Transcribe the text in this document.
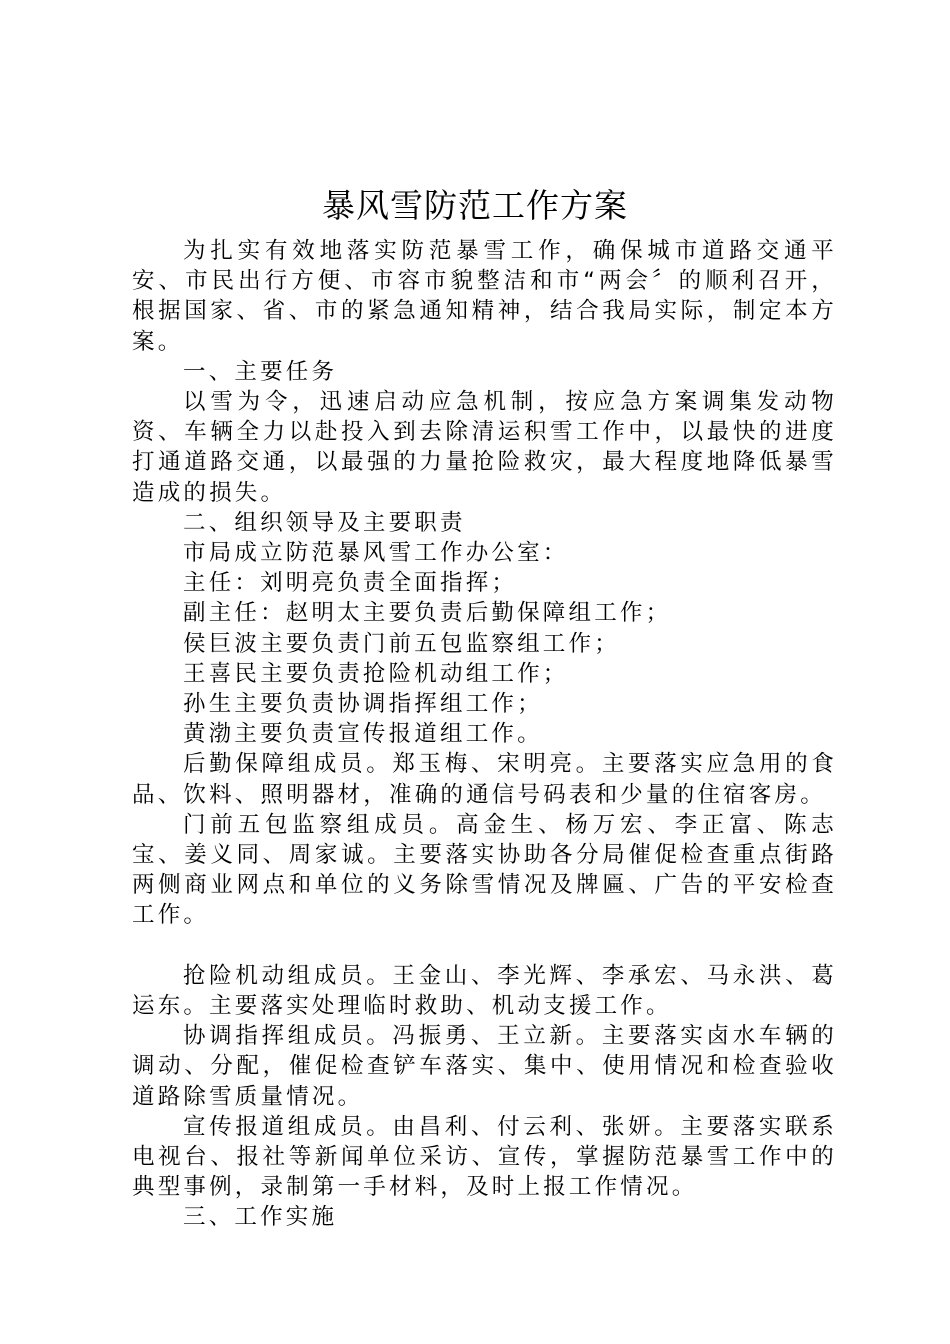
暴风雪防范工作方案

为扎实有效地落实防范暴雪工作，确保城市道路交通平安、市民出行方便、市容市貌整洁和市“两会〞的顺利召开，根据国家、省、市的紧急通知精神，结合我局实际，制定本方案。

一、主要任务

以雪为令，迅速启动应急机制，按应急方案调集发动物资、车辆全力以赴投入到去除清运积雪工作中，以最快的进度打通道路交通，以最强的力量抢险救灾，最大程度地降低暴雪造成的损失。

二、组织领导及主要职责

市局成立防范暴风雪工作办公室：

主任：刘明亮负责全面指挥；

副主任：赵明太主要负责后勤保障组工作；

侯巨波主要负责门前五包监察组工作；

王喜民主要负责抢险机动组工作；

孙生主要负责协调指挥组工作；

黄渤主要负责宣传报道组工作。

后勤保障组成员。郑玉梅、宋明亮。主要落实应急用的食品、饮料、照明器材，准确的通信号码表和少量的住宿客房。

门前五包监察组成员。高金生、杨万宏、李正富、陈志宝、姜义同、周家诚。主要落实协助各分局催促检查重点街路两侧商业网点和单位的义务除雪情况及牌匾、广告的平安检查工作。

抢险机动组成员。王金山、李光辉、李承宏、马永洪、葛运东。主要落实处理临时救助、机动支援工作。

协调指挥组成员。冯振勇、王立新。主要落实卤水车辆的调动、分配，催促检查铲车落实、集中、使用情况和检查验收道路除雪质量情况。

宣传报道组成员。由昌利、付云利、张妍。主要落实联系电视台、报社等新闻单位采访、宣传，掌握防范暴雪工作中的典型事例，录制第一手材料，及时上报工作情况。

三、工作实施
